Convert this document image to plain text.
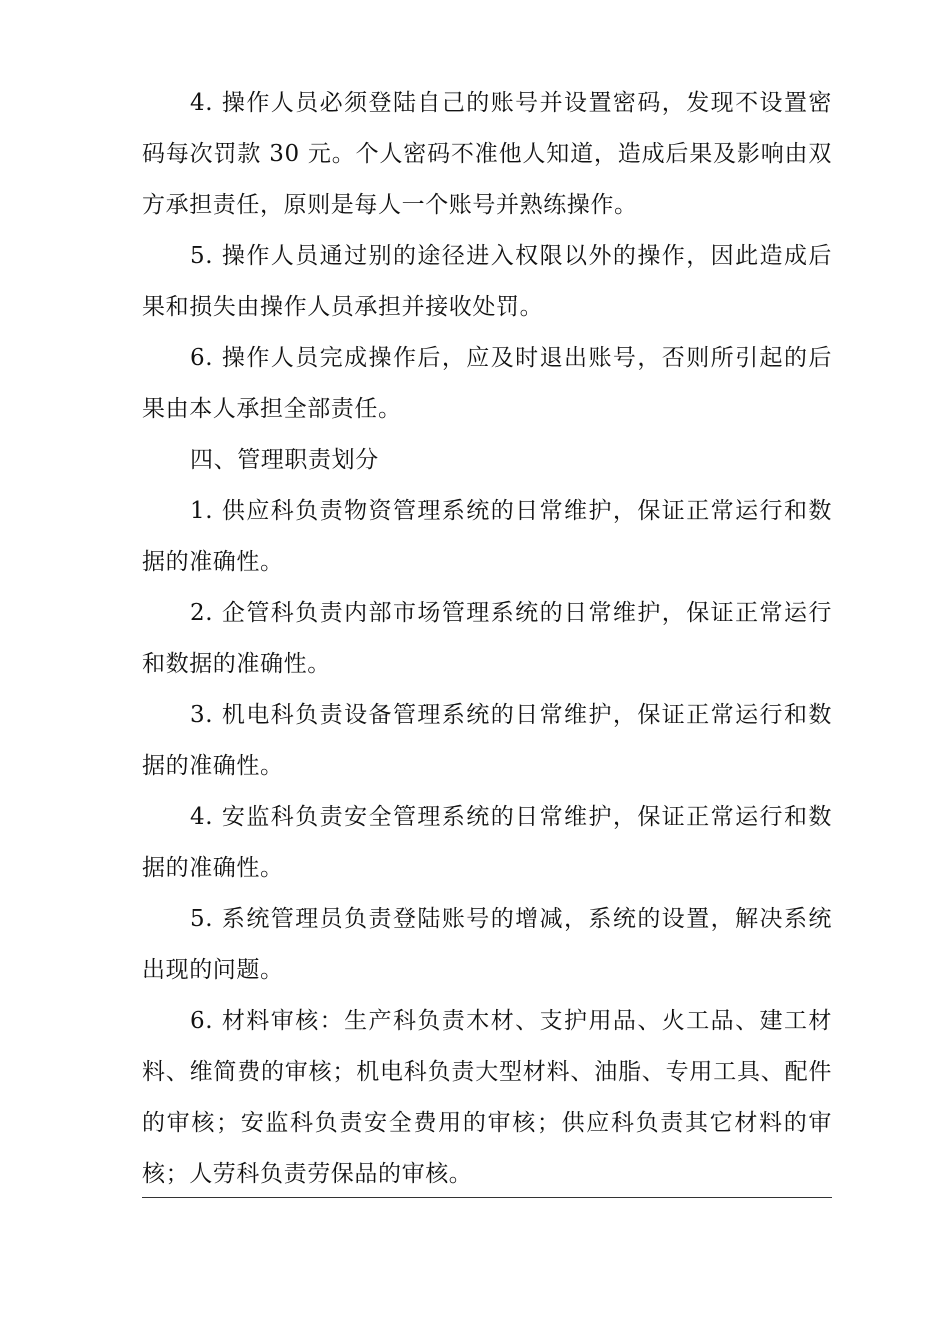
4. 操作人员必须登陆自己的账号并设置密码，发现不设置密码每次罚款 30 元。个人密码不准他人知道，造成后果及影响由双方承担责任，原则是每人一个账号并熟练操作。

5. 操作人员通过别的途径进入权限以外的操作，因此造成后果和损失由操作人员承担并接收处罚。

6. 操作人员完成操作后，应及时退出账号，否则所引起的后果由本人承担全部责任。

四、管理职责划分

1. 供应科负责物资管理系统的日常维护，保证正常运行和数据的准确性。

2. 企管科负责内部市场管理系统的日常维护，保证正常运行和数据的准确性。

3. 机电科负责设备管理系统的日常维护，保证正常运行和数据的准确性。

4. 安监科负责安全管理系统的日常维护，保证正常运行和数据的准确性。

5. 系统管理员负责登陆账号的增减，系统的设置，解决系统出现的问题。

6. 材料审核：生产科负责木材、支护用品、火工品、建工材料、维简费的审核；机电科负责大型材料、油脂、专用工具、配件的审核；安监科负责安全费用的审核；供应科负责其它材料的审核；人劳科负责劳保品的审核。
